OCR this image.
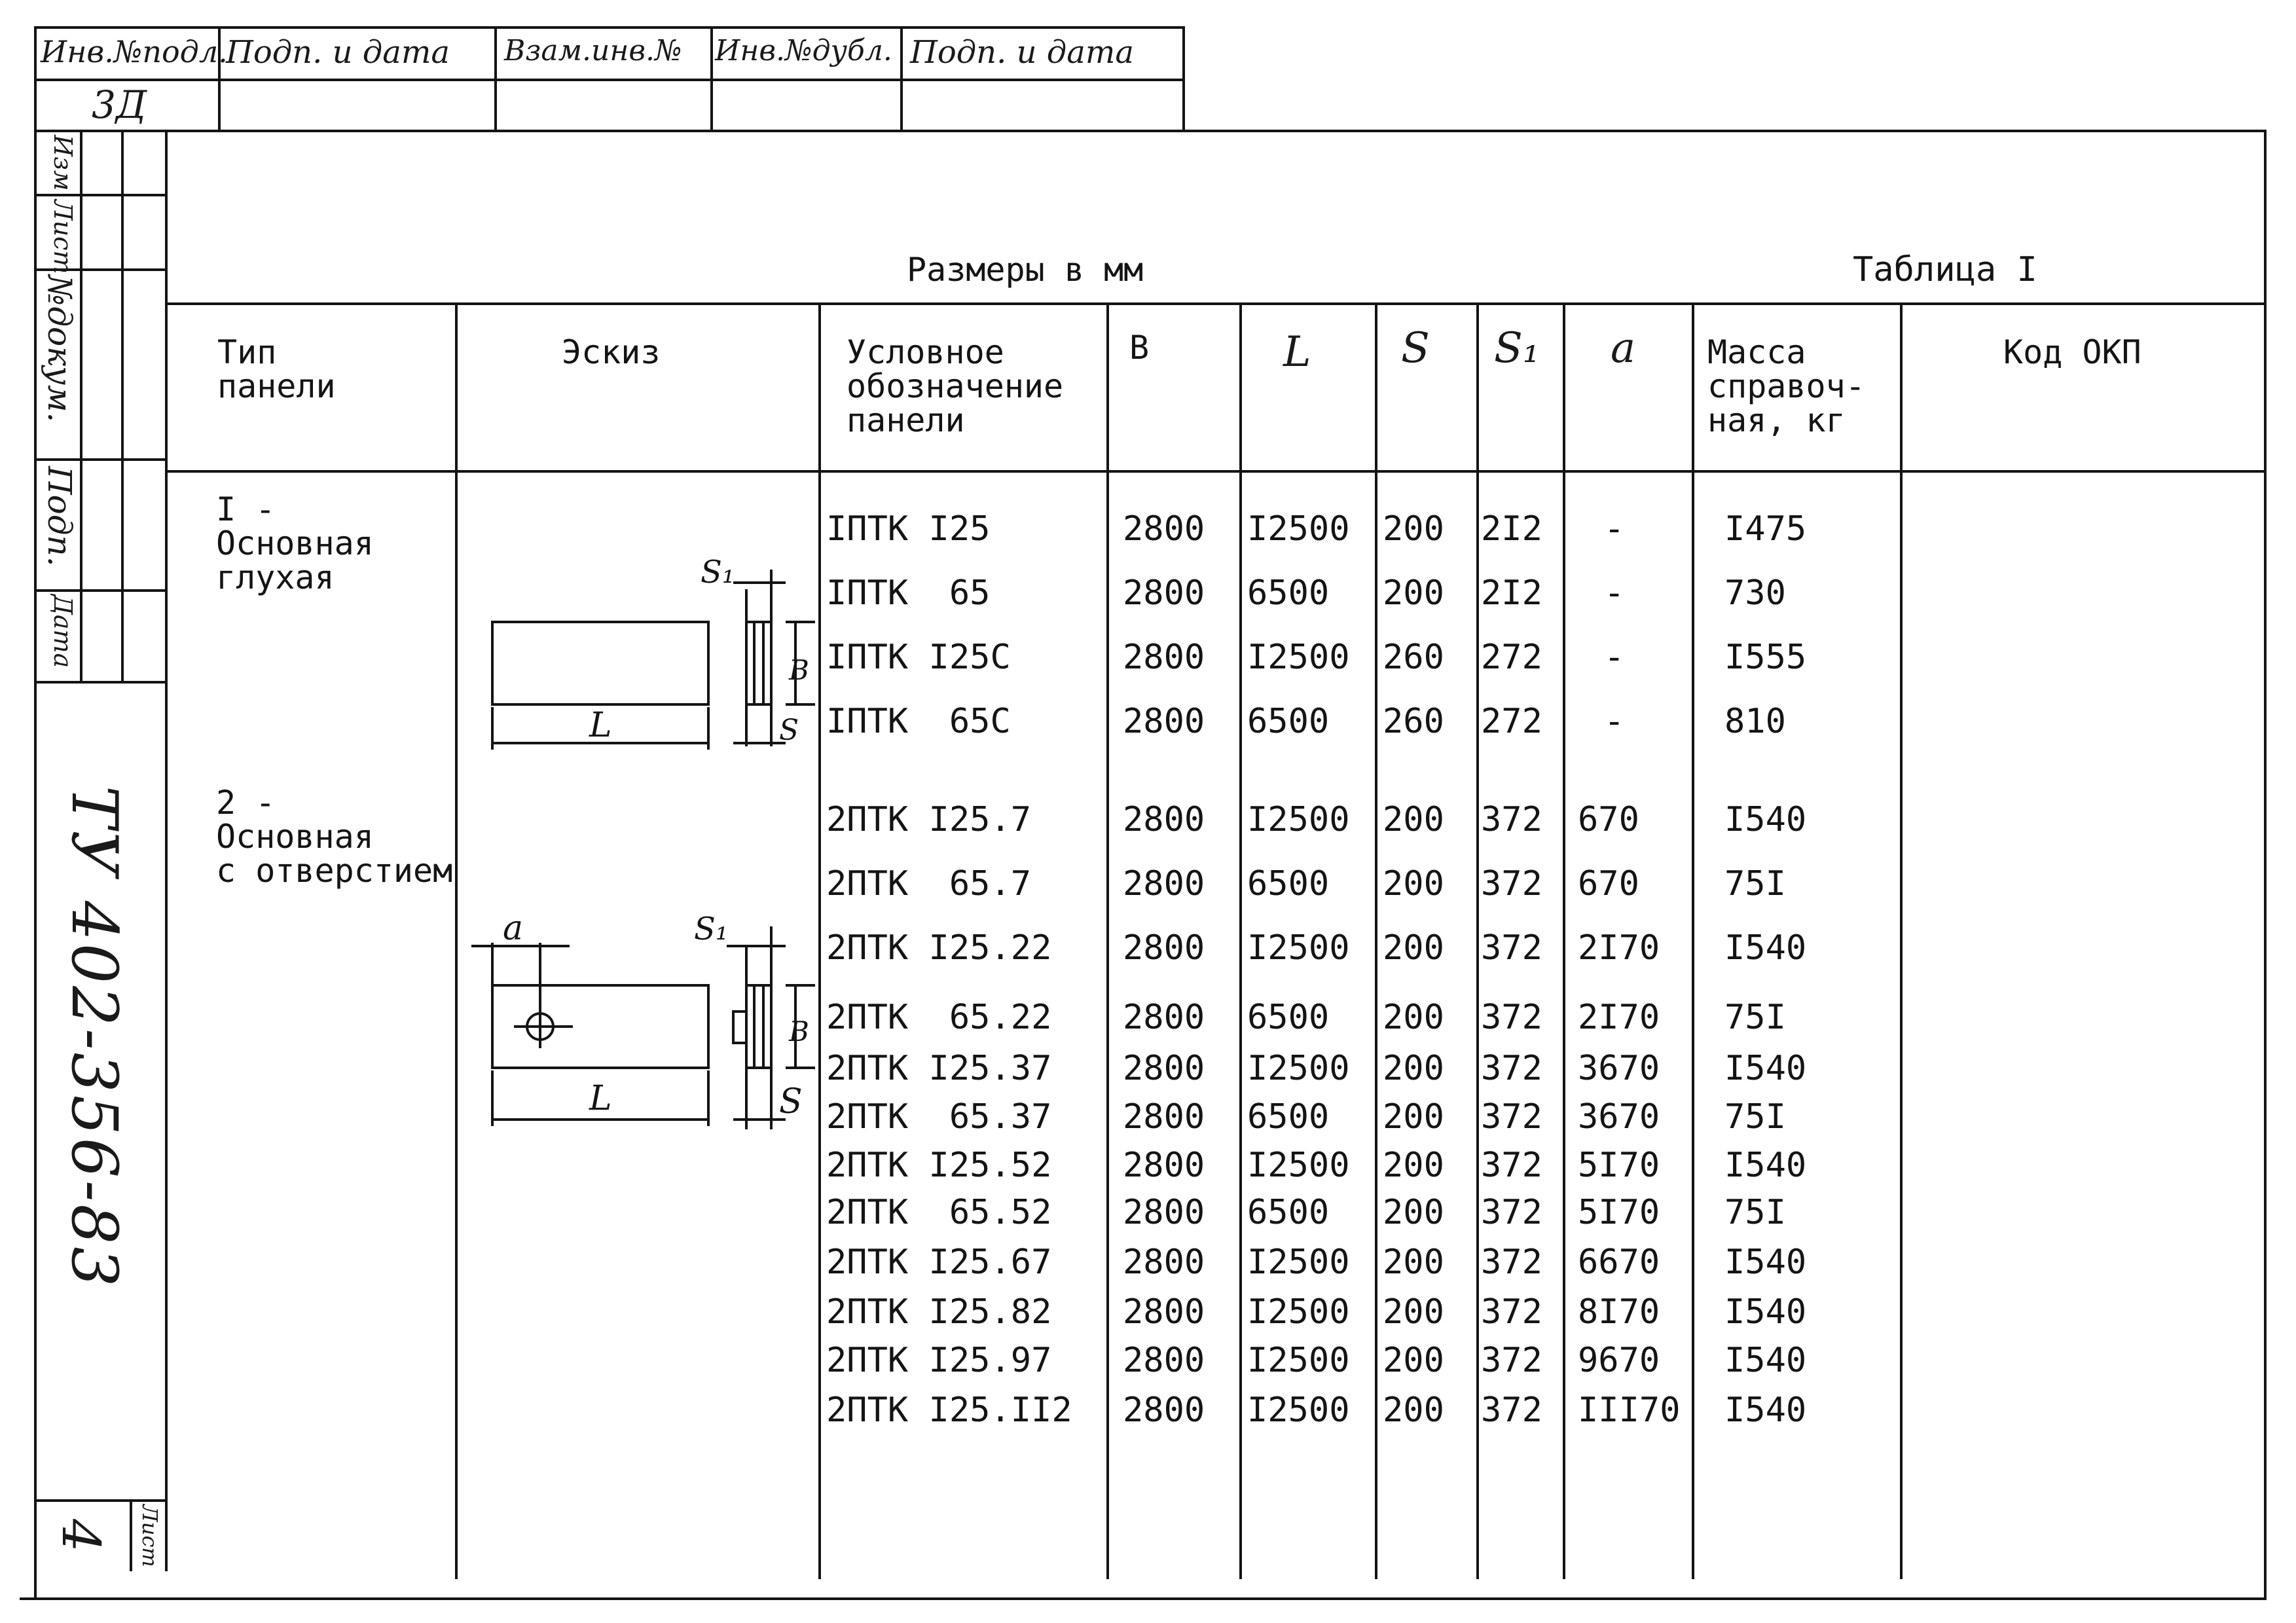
Инв.№подл.
Подп. и дата Взам.инв.№ Инв.№дубл. Подп. и дата
3Д
Изм
Лист
№докум.
Подп.
Дата
ТУ 402-356-83
4 Лист
Размеры в мм	Таблица I
Тип
панели
Эскиз	Условное
обозначение
панели
В	L S S₁ a Масса
справоч-
ная, кг
Код ОКП
I -
Основная
глухая
2 -
Основная
с отверстием
S₁
B
L	S
a	S₁
B
L	S
IПТК I25	2800 I2500 200 2I2 -	I475
IПТК  65	2800 6500 200 2I2 -	730
IПТК I25C	2800 I2500 260 272 -	I555
IПТК  65C	2800 6500 260 272 -	810
2ПТК I25.7	2800 I2500 200 372 670	I540
2ПТК  65.7	2800 6500 200 372 670	75I
2ПТК I25.22 2800 I2500 200 372 2I70 I540
2ПТК  65.22 2800 6500 200 372 2I70 75I
2ПТК I25.37 2800 I2500 200 372 3670 I540
2ПТК  65.37 2800 6500 200 372 3670 75I
2ПТК I25.52 2800 I2500 200 372 5I70 I540
2ПТК  65.52 2800 6500 200 372 5I70 75I
2ПТК I25.67 2800 I2500 200 372 6670 I540
2ПТК I25.82 2800 I2500 200 372 8I70 I540
2ПТК I25.97 2800 I2500 200 372 9670 I540
2ПТК I25.II2 2800 I2500 200 372 III70 I540
